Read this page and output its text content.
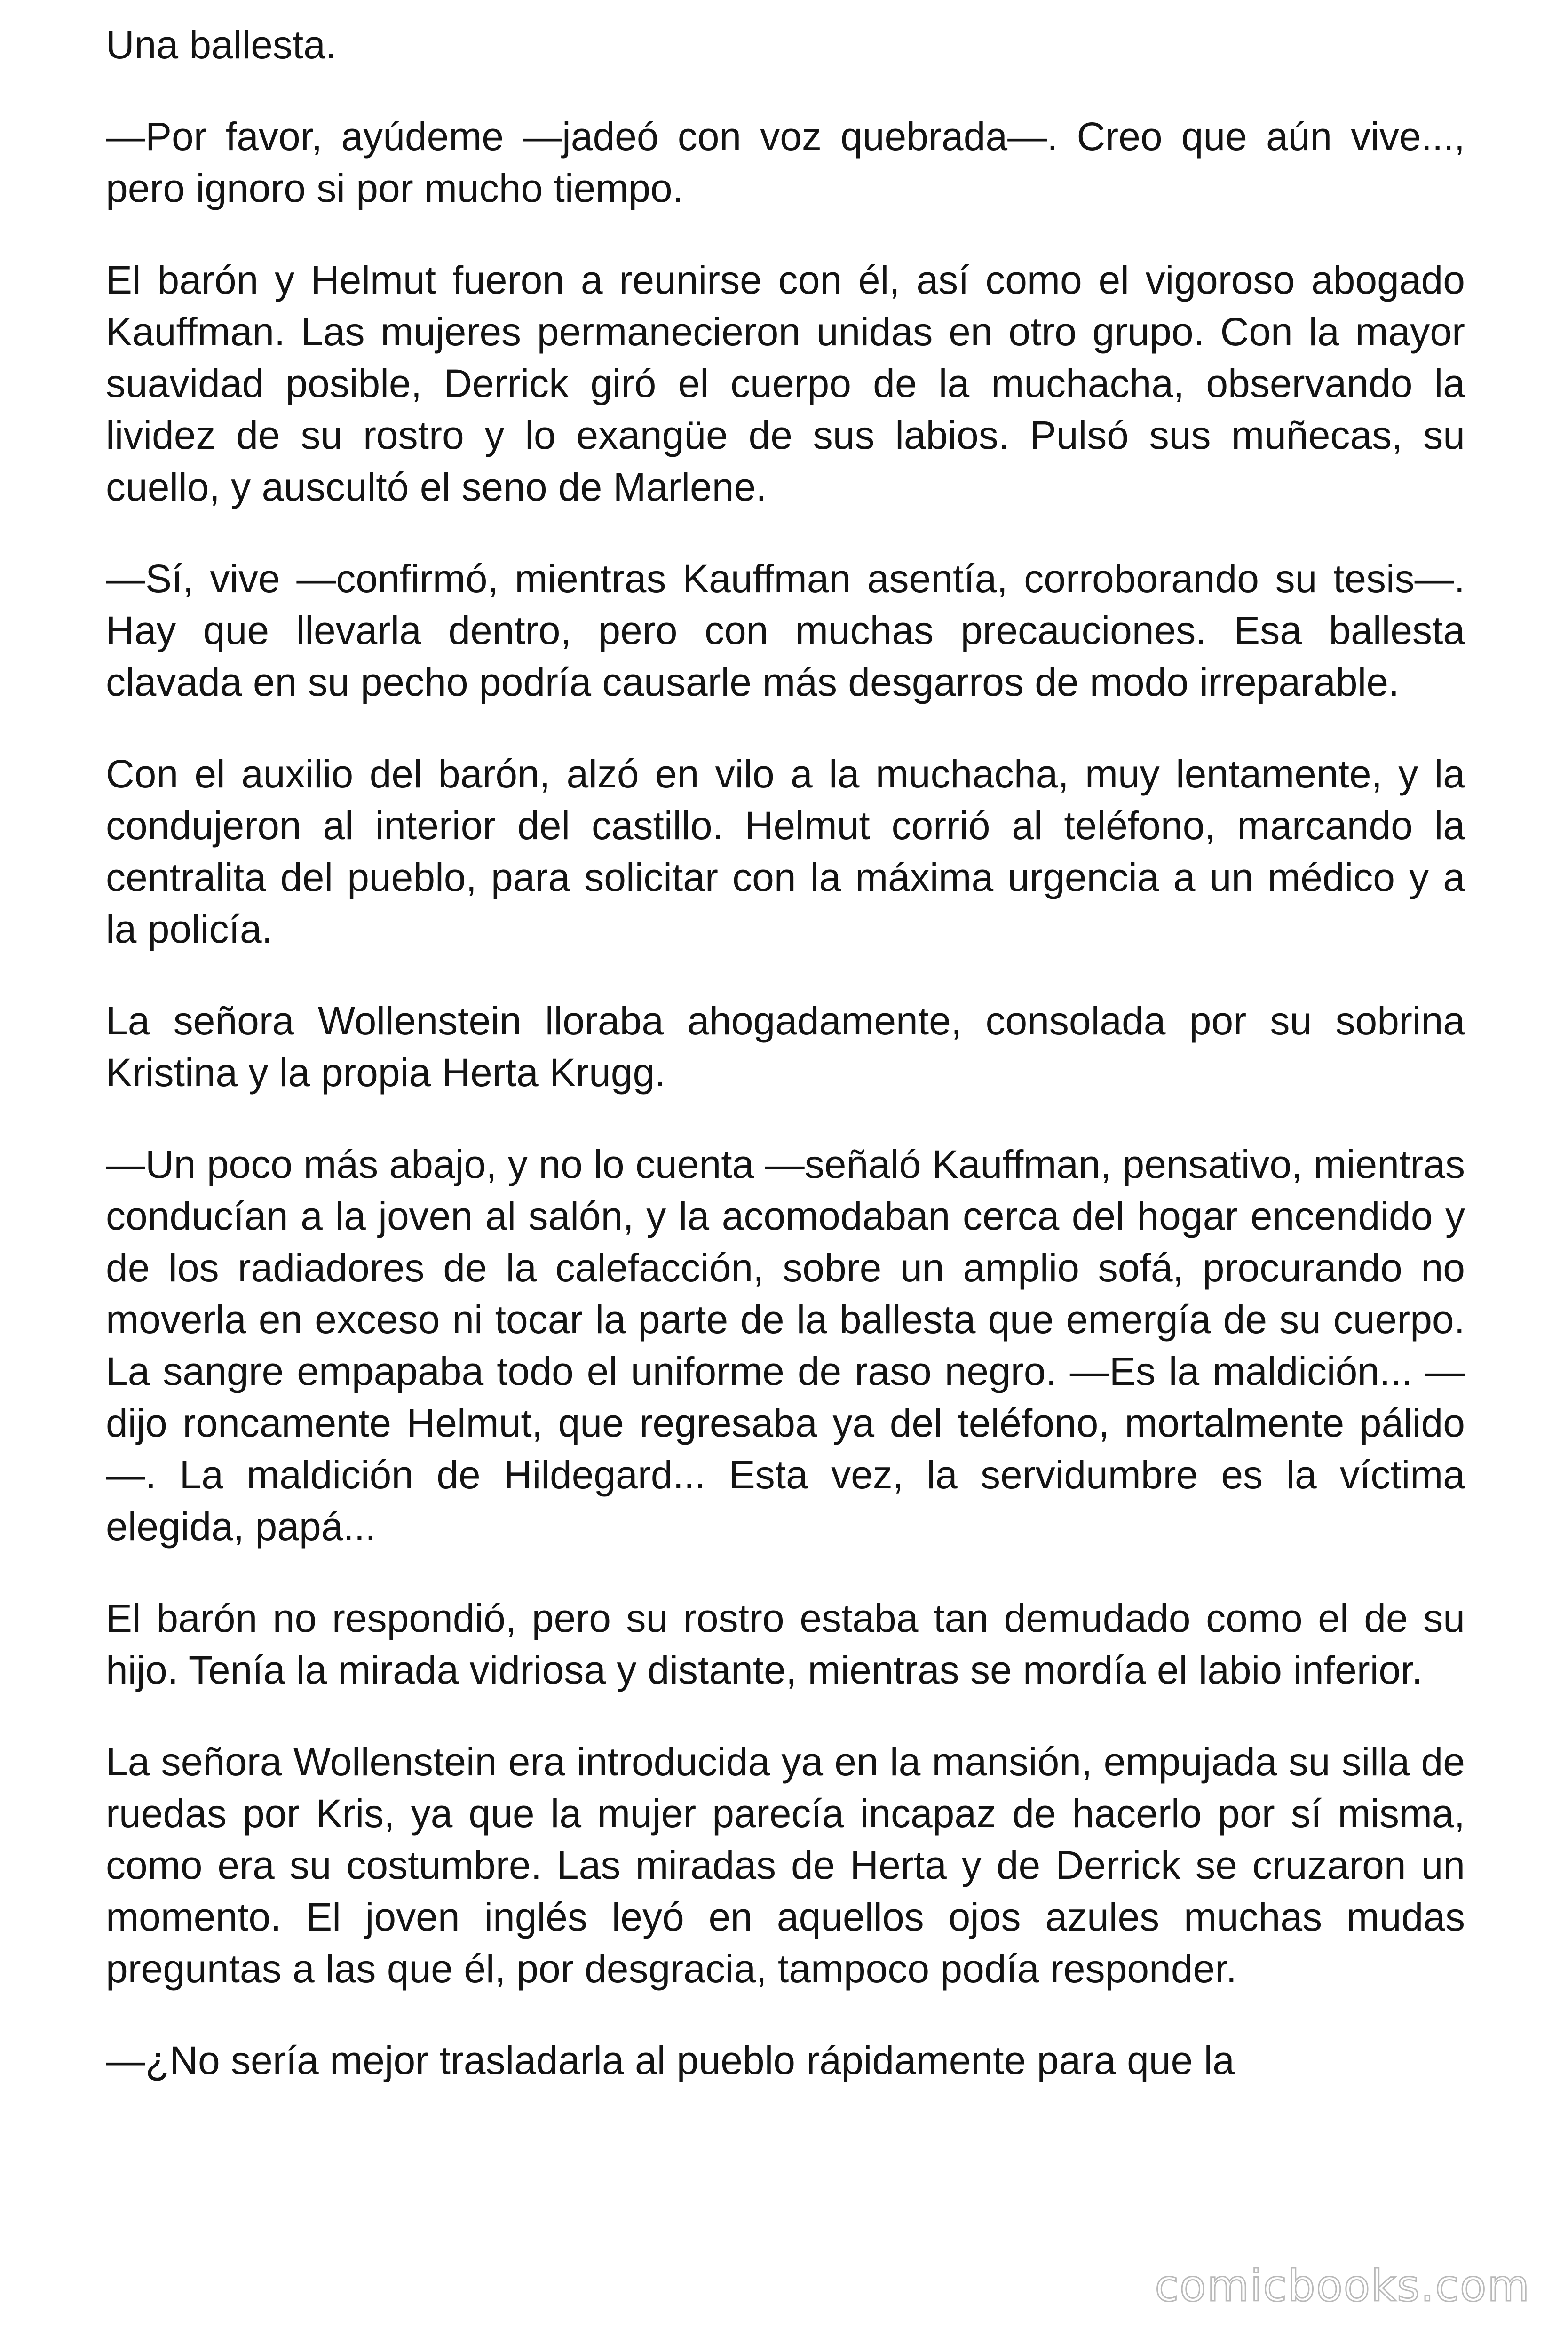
Una ballesta.

—Por favor, ayúdeme —jadeó con voz quebrada—. Creo que aún vive..., pero ignoro si por mucho tiempo.

El barón y Helmut fueron a reunirse con él, así como el vigoroso abogado Kauffman. Las mujeres permanecieron unidas en otro grupo. Con la mayor suavidad posible, Derrick giró el cuerpo de la muchacha, observando la lividez de su rostro y lo exangüe de sus labios. Pulsó sus muñecas, su cuello, y auscultó el seno de Marlene.

—Sí, vive —confirmó, mientras Kauffman asentía, corroborando su tesis—. Hay que llevarla dentro, pero con muchas precauciones. Esa ballesta clavada en su pecho podría causarle más desgarros de modo irreparable.

Con el auxilio del barón, alzó en vilo a la muchacha, muy lentamente, y la condujeron al interior del castillo. Helmut corrió al teléfono, marcando la centralita del pueblo, para solicitar con la máxima urgencia a un médico y a la policía.

La señora Wollenstein lloraba ahogadamente, consolada por su sobrina Kristina y la propia Herta Krugg.

—Un poco más abajo, y no lo cuenta —señaló Kauffman, pensativo, mientras conducían a la joven al salón, y la acomodaban cerca del hogar encendido y de los radiadores de la calefacción, sobre un amplio sofá, procurando no moverla en exceso ni tocar la parte de la ballesta que emergía de su cuerpo. La sangre empapaba todo el uniforme de raso negro. —Es la maldición... —dijo roncamente Helmut, que regresaba ya del teléfono, mortalmente pálido—. La maldición de Hildegard... Esta vez, la servidumbre es la víctima elegida, papá...

El barón no respondió, pero su rostro estaba tan demudado como el de su hijo. Tenía la mirada vidriosa y distante, mientras se mordía el labio inferior.

La señora Wollenstein era introducida ya en la mansión, empujada su silla de ruedas por Kris, ya que la mujer parecía incapaz de hacerlo por sí misma, como era su costumbre. Las miradas de Herta y de Derrick se cruzaron un momento. El joven inglés leyó en aquellos ojos azules muchas mudas preguntas a las que él, por desgracia, tampoco podía responder.

—¿No sería mejor trasladarla al pueblo rápidamente para que la

comicbooks.com
